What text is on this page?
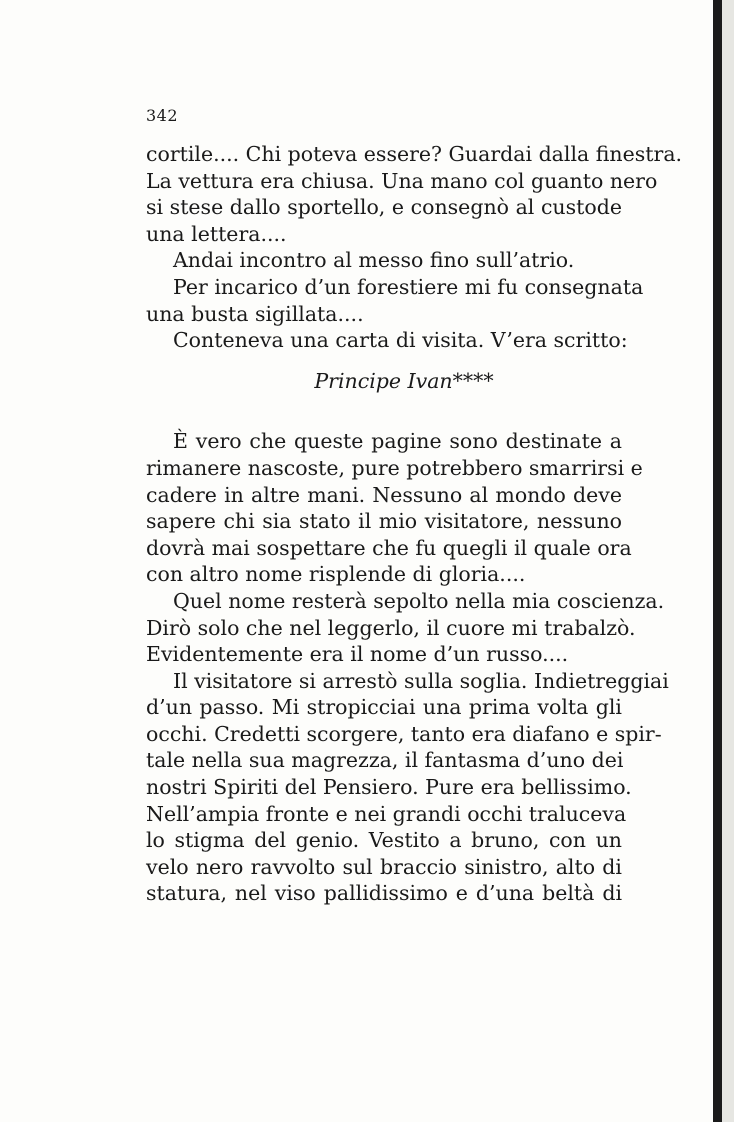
342
cortile.... Chi poteva essere? Guardai dalla finestra.
La vettura era chiusa. Una mano col guanto nero
si stese dallo sportello, e consegnò al custode
una lettera....
Andai incontro al messo fino sull’atrio.
Per incarico d’un forestiere mi fu consegnata
una busta sigillata....
Conteneva una carta di visita. V’era scritto:
Principe Ivan****
È vero che queste pagine sono destinate a
rimanere nascoste, pure potrebbero smarrirsi e
cadere in altre mani. Nessuno al mondo deve
sapere chi sia stato il mio visitatore, nessuno
dovrà mai sospettare che fu quegli il quale ora
con altro nome risplende di gloria....
Quel nome resterà sepolto nella mia coscienza.
Dirò solo che nel leggerlo, il cuore mi trabalzò.
Evidentemente era il nome d’un russo....
Il visitatore si arrestò sulla soglia. Indietreggiai
d’un passo. Mi stropicciai una prima volta gli
occhi. Credetti scorgere, tanto era diafano e spir-
tale nella sua magrezza, il fantasma d’uno dei
nostri Spiriti del Pensiero. Pure era bellissimo.
Nell’ampia fronte e nei grandi occhi traluceva
lo stigma del genio. Vestito a bruno, con un
velo nero ravvolto sul braccio sinistro, alto di
statura, nel viso pallidissimo e d’una beltà di
